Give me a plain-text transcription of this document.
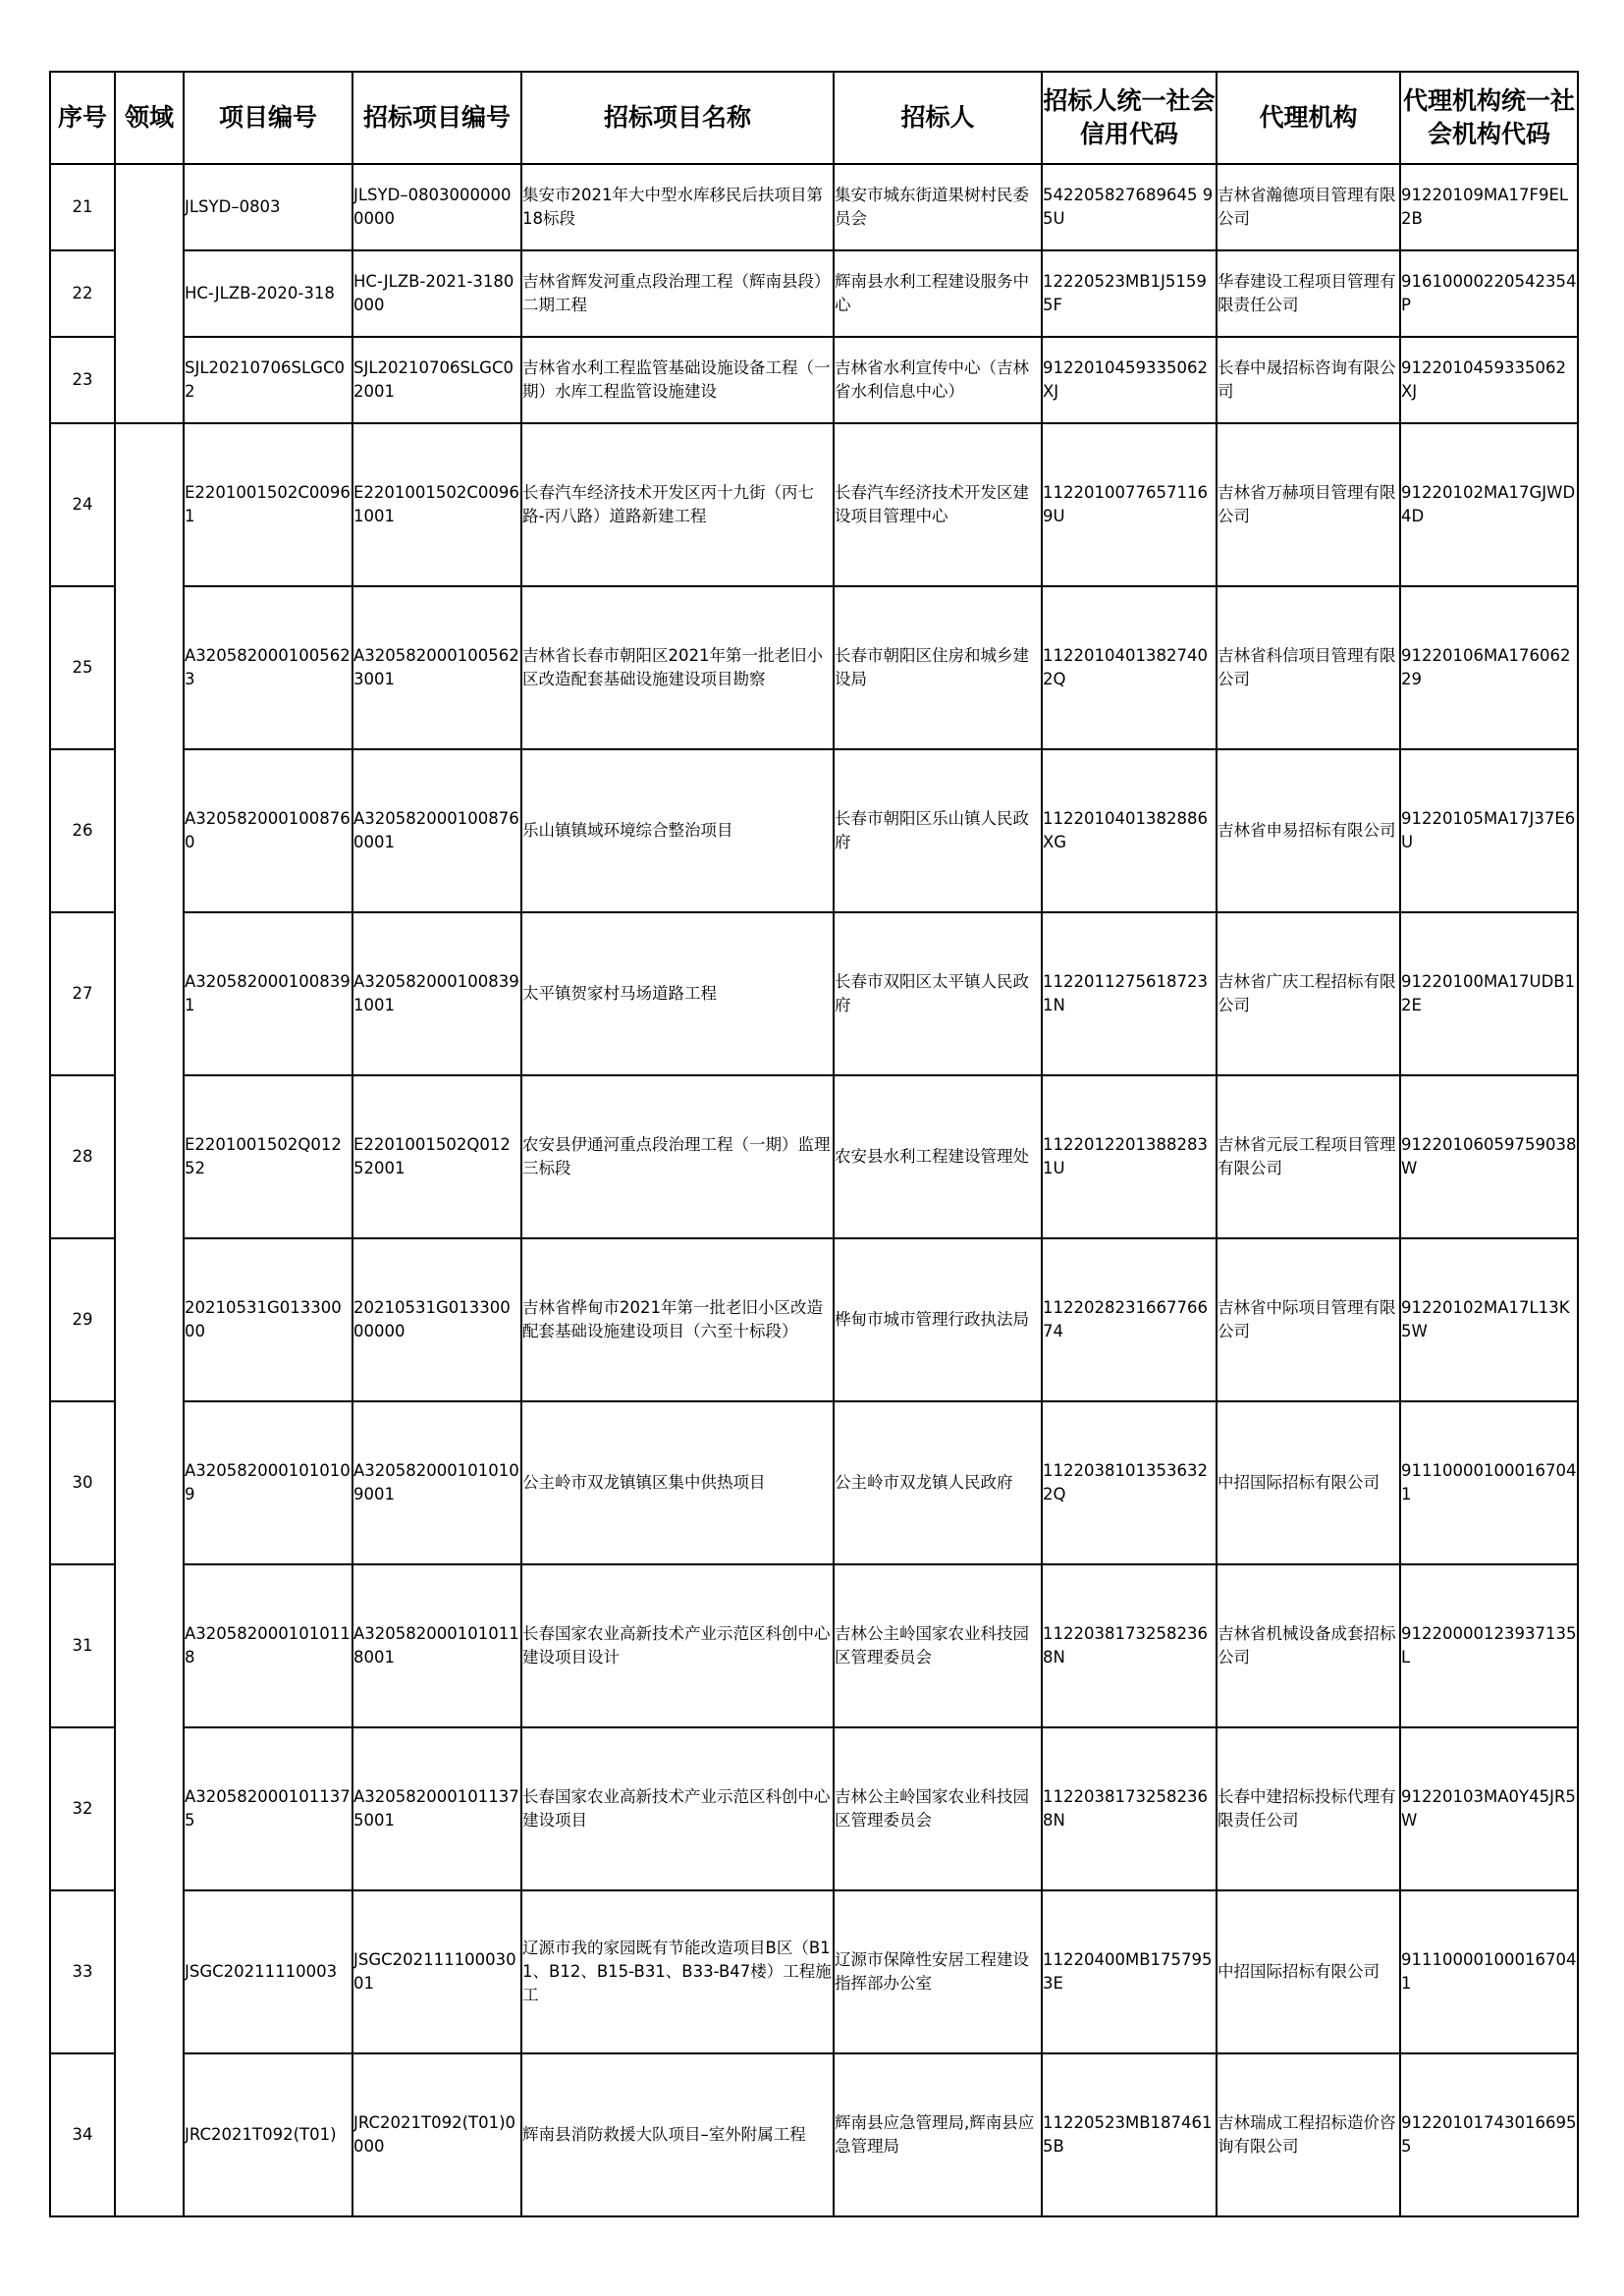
序号	领域	项目编号	招标项目编号	招标项目名称	招标人	招标人统一社会信用代码	代理机构	代理机构统一社会机构代码
21		JLSYD–0803	JLSYD–08030000000000	集安市2021年大中型水库移民后扶项目第18标段	集安市城东街道果树村民委员会	542205827689645 9 5U	吉林省瀚德项目管理有限公司	91220109MA17F9EL2B
22		HC-JLZB-2020-318	HC-JLZB-2021-3180000	吉林省辉发河重点段治理工程（辉南县段）二期工程	辉南县水利工程建设服务中心	12220523MB1J51595F	华春建设工程项目管理有限责任公司	91610000220542354P
23		SJL20210706SLGC02	SJL20210706SLGC02001	吉林省水利工程监管基础设施设备工程（一期）水库工程监管设施建设	吉林省水利宣传中心（吉林省水利信息中心）	91220104593350​62XJ	长春中晟招标咨询有限公司	91220104593350​62XJ
24		E2201001502C00961	E2201001502C00961001	长春汽车经济技术开发区丙十九街（丙七路-丙八路）道路新建工程	长春汽车经济技术开发区建设项目管理中心	11220100776571169U	吉林省万赫项目管理有限公司	91220102MA17GJWD4D
25		A3205820001005623	A3205820001005623001	吉林省长春市朝阳区2021年第一批老旧小区改造配套基础设施建设项目勘察	长春市朝阳区住房和城乡建设局	11220104013827402Q	吉林省科信项目管理有限公司	91220106MA17606229
26		A3205820001008760	A3205820001008760001	乐山镇镇域环境综合整治项目	长春市朝阳区乐山镇人民政府	1122010401382886XG	吉林省申易招标有限公司	91220105MA17J37E6U
27		A3205820001008391	A3205820001008391001	太平镇贺家村马场道路工程	长春市双阳区太平镇人民政府	11220112756187231N	吉林省广庆工程招标有限公司	91220100MA17UDB12E
28		E2201001502Q01252	E2201001502Q01252001	农安县伊通河重点段治理工程（一期）监理三标段	农安县水利工程建设管理处	11220122013882831U	吉林省元辰工程项目管理有限公司	91220106059759038W
29		20210531G01330000	20210531G01330000000	吉林省桦甸市2021年第一批老旧小区改造配套基础设施建设项目（六至十标段）	桦甸市城市管理行政执法局	1122028231667766 74	吉林省中际项目管理有限公司	91220102MA17L13K5W
30		A3205820001010109	A3205820001010109001	公主岭市双龙镇镇区集中供热项目	公主岭市双龙镇人民政府	11220381013536322Q	中招国际招标有限公司	911100001000167041
31		A3205820001010118	A3205820001010118001	长春国家农业高新技术产业示范区科创中心建设项目设计	吉林公主岭国家农业科技园区管理委员会	11220381732582368N	吉林省机械设备成套招标公司	91220000123937135L
32		A3205820001011375	A3205820001011375001	长春国家农业高新技术产业示范区科创中心建设项目	吉林公主岭国家农业科技园区管理委员会	11220381732582368N	长春中建招标投标代理有限责任公司	91220103MA0Y45JR5W
33		JSGC20211110003	JSGC20211110003001	辽源市我的家园既有节能改造项目B区（B11、B12、B15-B31、B33-B47楼）工程施工	辽源市保障性安居工程建设指挥部办公室	11220400MB1757953E	中招国际招标有限公司	911100001000167041
34		JRC2021T092(T01)	JRC2021T092(T01)0000	辉南县消防救援大队项目–室外附属工程	辉南县应急管理局,辉南县应急管理局	11220523MB1874615B	吉林瑞成工程招标造价咨询有限公司	912201017430166955
